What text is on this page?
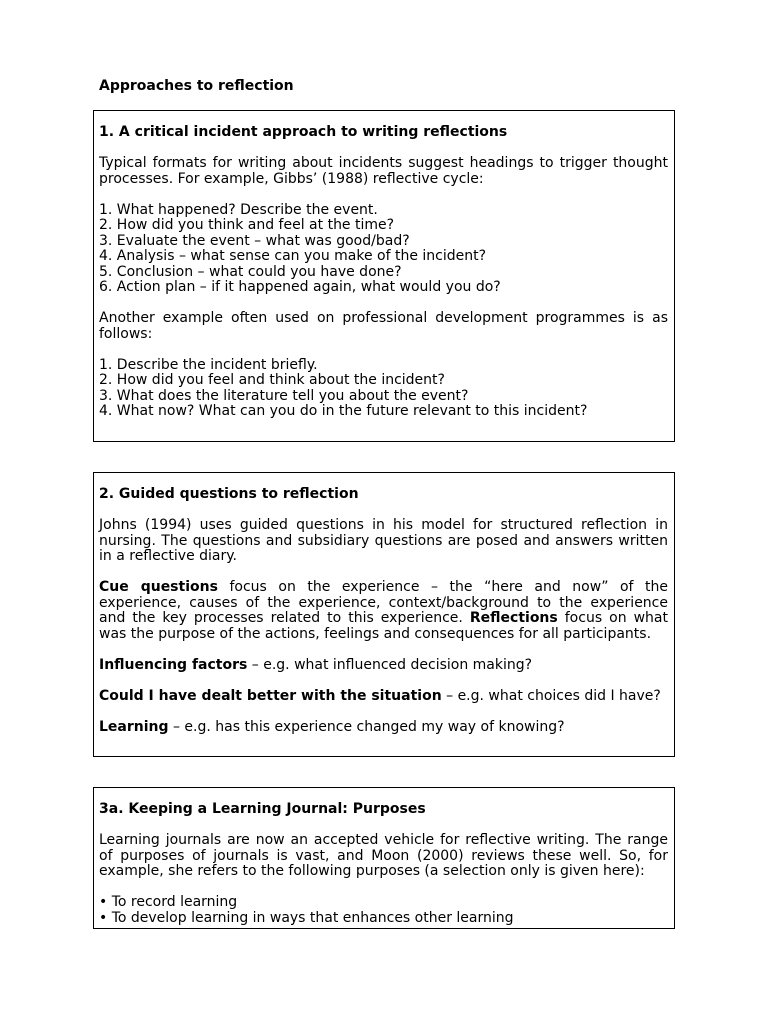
Approaches to reflection

1. A critical incident approach to writing reflections

Typical formats for writing about incidents suggest headings to trigger thought processes. For example, Gibbs’ (1988) reflective cycle:

1. What happened? Describe the event.
2. How did you think and feel at the time?
3. Evaluate the event – what was good/bad?
4. Analysis – what sense can you make of the incident?
5. Conclusion – what could you have done?
6. Action plan – if it happened again, what would you do?

Another example often used on professional development programmes is as follows:

1. Describe the incident briefly.
2. How did you feel and think about the incident?
3. What does the literature tell you about the event?
4. What now? What can you do in the future relevant to this incident?

2. Guided questions to reflection

Johns (1994) uses guided questions in his model for structured reflection in nursing. The questions and subsidiary questions are posed and answers written in a reflective diary.

Cue questions focus on the experience – the “here and now” of the experience, causes of the experience, context/background to the experience and the key processes related to this experience. Reflections focus on what was the purpose of the actions, feelings and consequences for all participants.

Influencing factors – e.g. what influenced decision making?

Could I have dealt better with the situation – e.g. what choices did I have?

Learning – e.g. has this experience changed my way of knowing?

3a. Keeping a Learning Journal: Purposes

Learning journals are now an accepted vehicle for reflective writing. The range of purposes of journals is vast, and Moon (2000) reviews these well. So, for example, she refers to the following purposes (a selection only is given here):

• To record learning
• To develop learning in ways that enhances other learning
